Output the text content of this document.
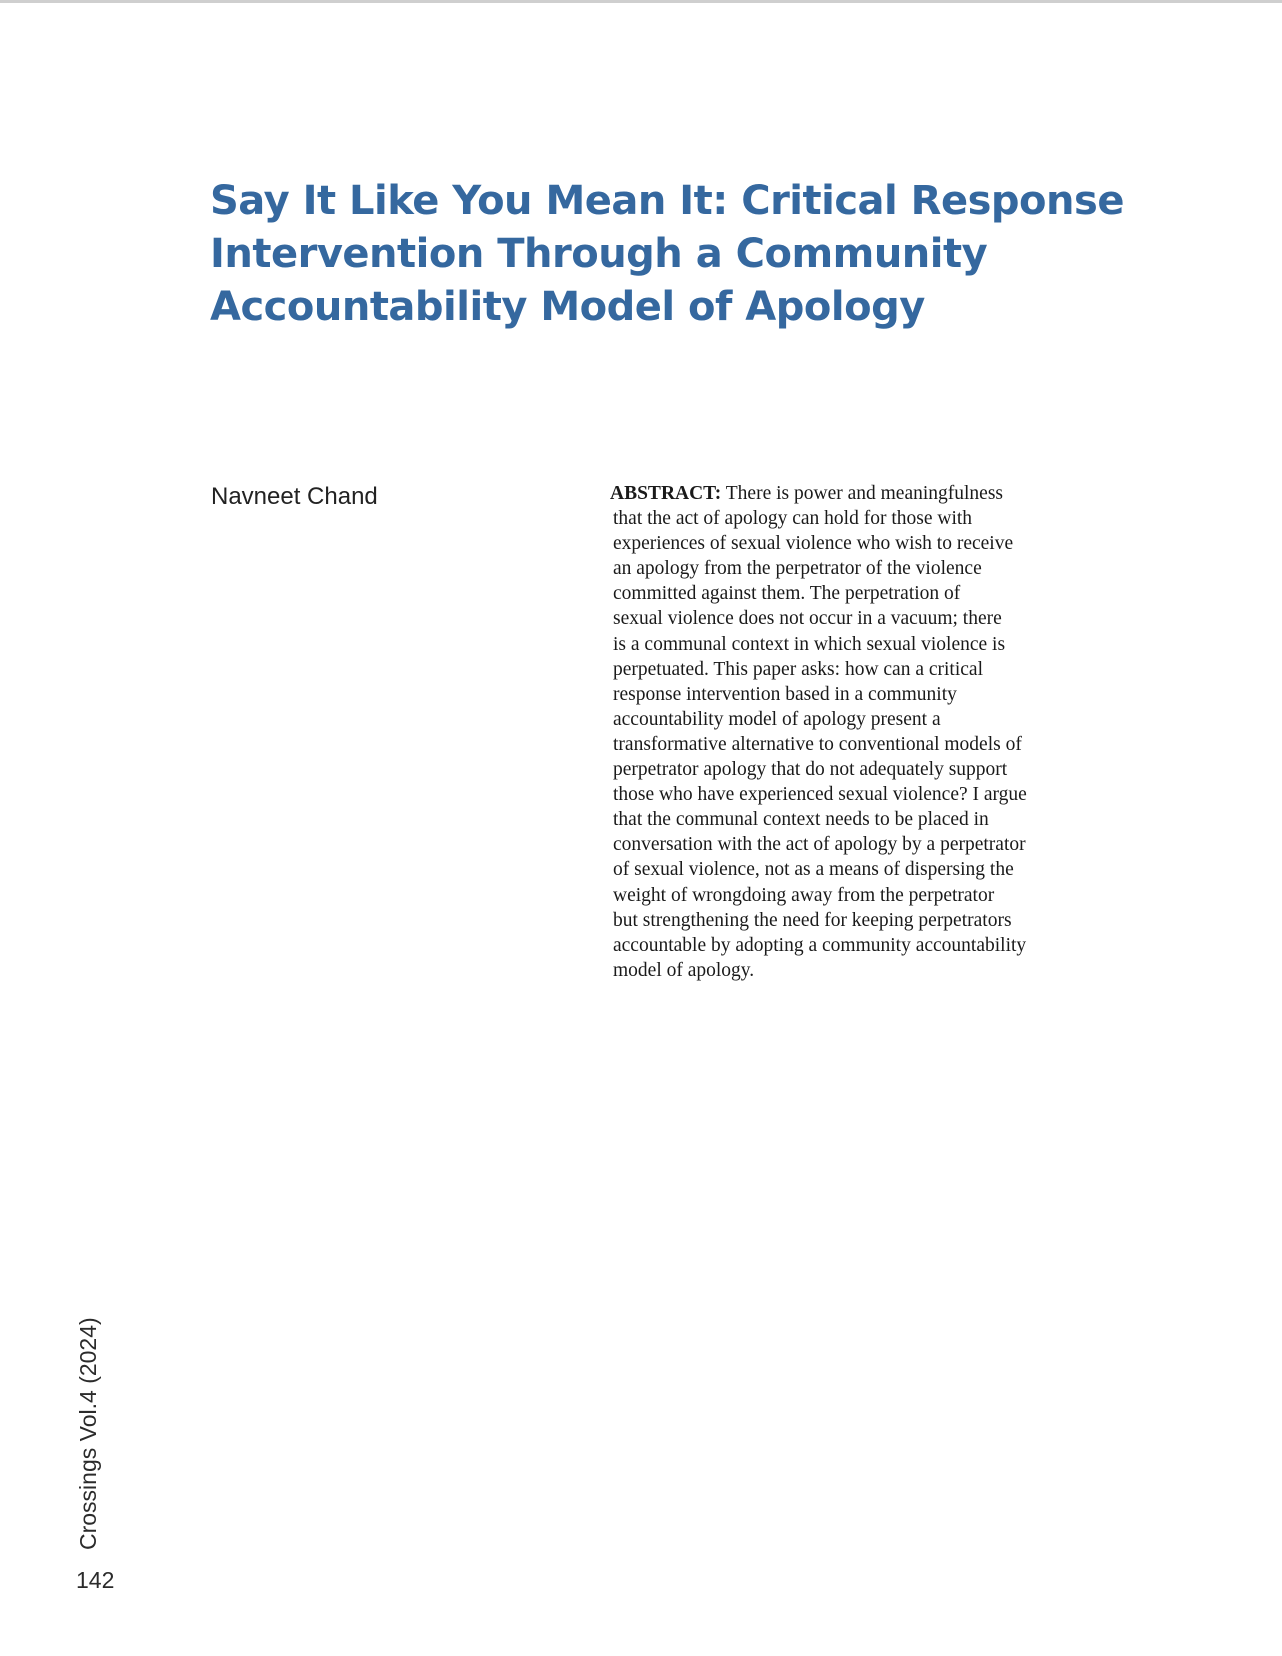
Say It Like You Mean It: Critical Response Intervention Through a Community Accountability Model of Apology
Navneet Chand	ABSTRACT: There is power and meaningfulness
that the act of apology can hold for those with
experiences of sexual violence who wish to receive
an apology from the perpetrator of the violence
committed against them. The perpetration of
sexual violence does not occur in a vacuum; there
is a communal context in which sexual violence is
perpetuated. This paper asks: how can a critical
response intervention based in a community
accountability model of apology present a
transformative alternative to conventional models of
perpetrator apology that do not adequately support
those who have experienced sexual violence? I argue
that the communal context needs to be placed in
conversation with the act of apology by a perpetrator
of sexual violence, not as a means of dispersing the
weight of wrongdoing away from the perpetrator
but strengthening the need for keeping perpetrators
accountable by adopting a community accountability
model of apology.
Crossings Vol.4 (2024)
142
